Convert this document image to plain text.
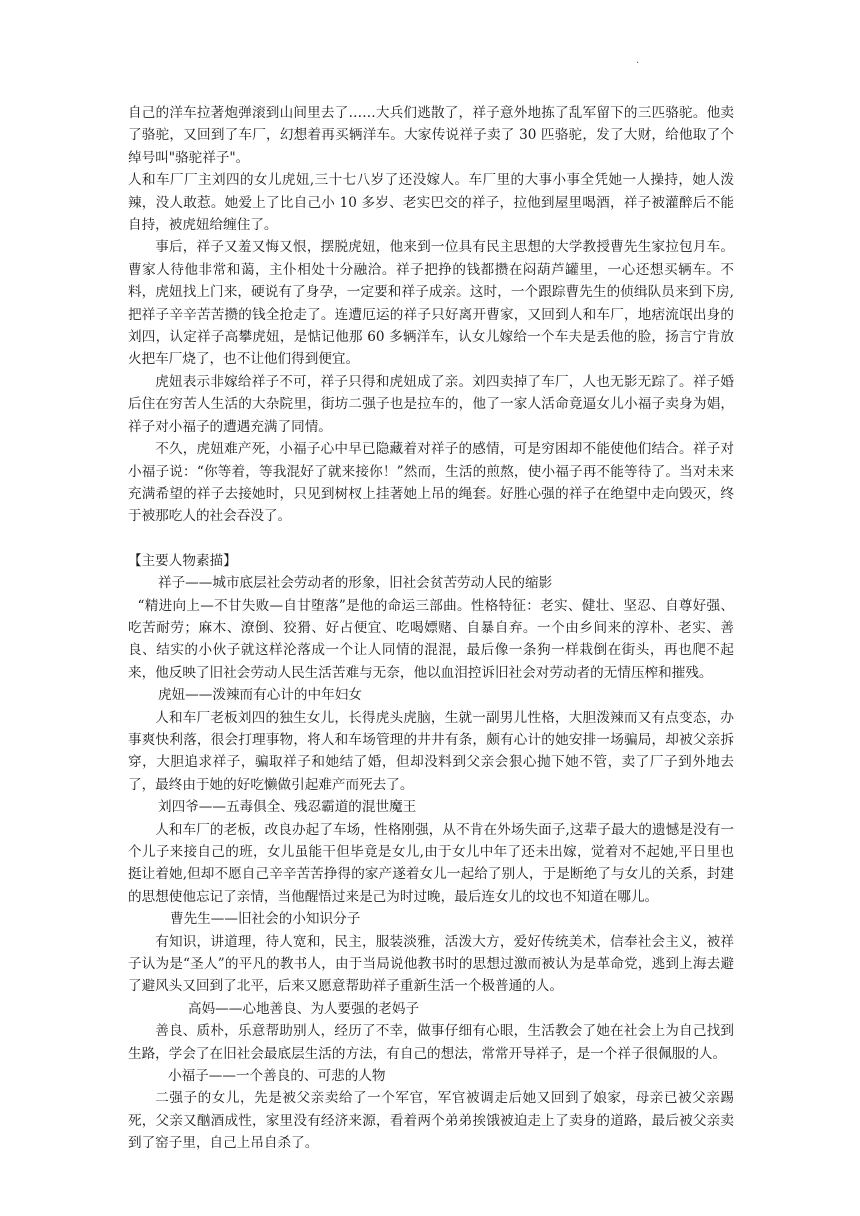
·

自己的洋车拉著炮弹滚到山间里去了……大兵们逃散了，祥子意外地拣了乱军留下的三匹骆驼。他卖了骆驼，又回到了车厂，幻想着再买辆洋车。大家传说祥子卖了 30 匹骆驼，发了大财，给他取了个绰号叫"骆驼祥子"。

人和车厂厂主刘四的女儿虎妞,三十七八岁了还没嫁人。车厂里的大事小事全凭她一人操持，她人泼辣，没人敢惹。她爱上了比自己小 10 多岁、老实巴交的祥子，拉他到屋里喝酒，祥子被灌醉后不能自持，被虎妞给缠住了。

事后，祥子又羞又悔又恨，摆脱虎妞，他来到一位具有民主思想的大学教授曹先生家拉包月车。曹家人待他非常和蔼，主仆相处十分融洽。祥子把挣的钱都攒在闷葫芦罐里，一心还想买辆车。不料，虎妞找上门来，硬说有了身孕，一定要和祥子成亲。这时，一个跟踪曹先生的侦缉队员来到下房,把祥子辛辛苦苦攒的钱全抢走了。连遭厄运的祥子只好离开曹家，又回到人和车厂，地痞流氓出身的刘四，认定祥子高攀虎妞，是惦记他那 60 多辆洋车，认女儿嫁给一个车夫是丢他的脸，扬言宁肯放火把车厂烧了，也不让他们得到便宜。

虎妞表示非嫁给祥子不可，祥子只得和虎妞成了亲。刘四卖掉了车厂，人也无影无踪了。祥子婚后住在穷苦人生活的大杂院里，街坊二强子也是拉车的，他了一家人活命竟逼女儿小福子卖身为娼，祥子对小福子的遭遇充满了同情。

不久，虎妞难产死，小福子心中早已隐藏着对祥子的感情，可是穷困却不能使他们结合。祥子对小福子说：“你等着，等我混好了就来接你！”然而，生活的煎熬，使小福子再不能等待了。当对未来充满希望的祥子去接她时，只见到树杈上挂著她上吊的绳套。好胜心强的祥子在绝望中走向毁灭，终于被那吃人的社会吞没了。

【主要人物素描】

祥子——城市底层社会劳动者的形象，旧社会贫苦劳动人民的缩影

“精进向上—不甘失败—自甘堕落”是他的命运三部曲。性格特征：老实、健壮、坚忍、自尊好强、吃苦耐劳；麻木、潦倒、狡猾、好占便宜、吃喝嫖赌、自暴自弃。一个由乡间来的淳朴、老实、善良、结实的小伙子就这样沦落成一个让人同情的混混，最后像一条狗一样栽倒在街头，再也爬不起来，他反映了旧社会劳动人民生活苦难与无奈，他以血泪控诉旧社会对劳动者的无情压榨和摧残。

虎妞——泼辣而有心计的中年妇女

人和车厂老板刘四的独生女儿，长得虎头虎脑，生就一副男儿性格，大胆泼辣而又有点变态，办事爽快利落，很会打理事物，将人和车场管理的井井有条，颇有心计的她安排一场骗局，却被父亲拆穿，大胆追求祥子，骗取祥子和她结了婚，但却没料到父亲会狠心抛下她不管，卖了厂子到外地去了，最终由于她的好吃懒做引起难产而死去了。

刘四爷——五毒俱全、残忍霸道的混世魔王

人和车厂的老板，改良办起了车场，性格刚强，从不肯在外场失面子,这辈子最大的遗憾是没有一个儿子来接自己的班，女儿虽能干但毕竟是女儿,由于女儿中年了还未出嫁，觉着对不起她,平日里也挺让着她,但却不愿自己辛辛苦苦挣得的家产遂着女儿一起给了别人，于是断绝了与女儿的关系，封建的思想使他忘记了亲情，当他醒悟过来是己为时过晚，最后连女儿的坟也不知道在哪儿。

曹先生——旧社会的小知识分子

有知识，讲道理，待人宽和，民主，服装淡雅，活泼大方，爱好传统美术，信奉社会主义，被祥子认为是“圣人”的平凡的教书人，由于当局说他教书时的思想过激而被认为是革命党，逃到上海去避了避风头又回到了北平，后来又愿意帮助祥子重新生活一个极普通的人。

高妈——心地善良、为人要强的老妈子

善良、质朴，乐意帮助别人，经历了不幸，做事仔细有心眼，生活教会了她在社会上为自己找到生路，学会了在旧社会最底层生活的方法，有自己的想法，常常开导祥子，是一个祥子很佩服的人。

小福子——一个善良的、可悲的人物

二强子的女儿，先是被父亲卖给了一个军官，军官被调走后她又回到了娘家，母亲已被父亲踢死，父亲又酗酒成性，家里没有经济来源，看着两个弟弟挨饿被迫走上了卖身的道路，最后被父亲卖到了窑子里，自己上吊自杀了。
